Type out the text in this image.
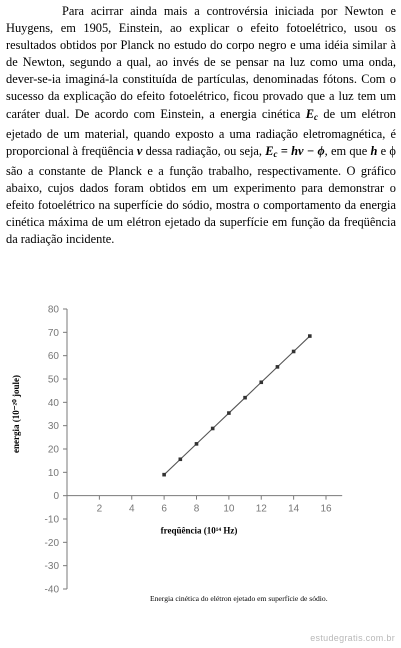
Para acirrar ainda mais a controvérsia iniciada por Newton e Huygens, em 1905, Einstein, ao explicar o efeito fotoelétrico, usou os resultados obtidos por Planck no estudo do corpo negro e uma idéia similar à de Newton, segundo a qual, ao invés de se pensar na luz como uma onda, dever-se-ia imaginá-la constituída de partículas, denominadas fótons. Com o sucesso da explicação do efeito fotoelétrico, ficou provado que a luz tem um caráter dual. De acordo com Einstein, a energia cinética $E_c$ de um elétron ejetado de um material, quando exposto a uma radiação eletromagnética, é proporcional à freqüência ν dessa radiação, ou seja, $E_c = h\nu - \phi$, em que h e ϕ são a constante de Planck e a função trabalho, respectivamente. O gráfico abaixo, cujos dados foram obtidos em um experimento para demonstrar o efeito fotoelétrico na superfície do sódio, mostra o comportamento da energia cinética máxima de um elétron ejetado da superfície em função da freqüência da radiação incidente.

-40
-30
-20
-10
0
10
20
30
40
50
60
70
80
2	4	6	8 10 12 14 16
freqüência (10¹⁴ Hz)
energia (10⁻²⁰ joule)
Energia cinética do elétron ejetado em superfície de sódio.
estudegratis.com.br
